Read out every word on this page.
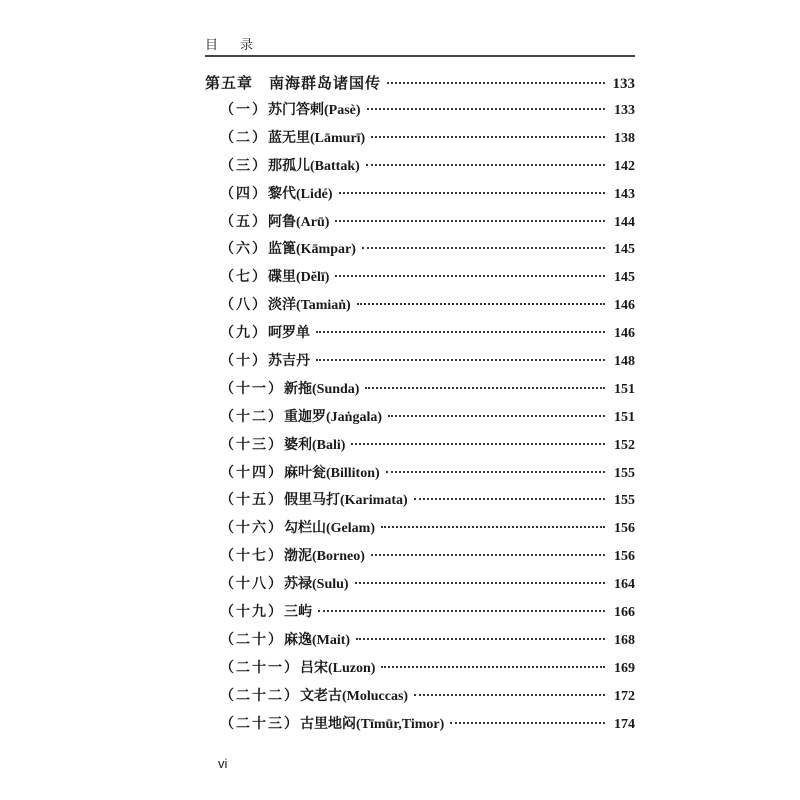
目 录
第五章 南海群岛诸国传	133
（一） 苏门答剌(Pasè)	133
（二） 蓝无里(Lāmurī)	138
（三） 那孤儿(Battak)	142
（四） 黎代(Lidé)	143
（五） 阿鲁(Arū)	144
（六） 监篦(Kāmpar)	145
（七） 碟里(Dĕlī)	145
（八） 淡洋(Tamiaṅ)	146
（九） 呵罗单	146
（十） 苏吉丹	148
（十一） 新拖(Sunda)	151
（十二） 重迦罗(Jaṅgala)	151
（十三） 婆利(Bali)	152
（十四） 麻叶瓮(Billiton)	155
（十五） 假里马打(Karimata)	155
（十六） 勾栏山(Gelam)	156
（十七） 渤泥(Borneo)	156
（十八） 苏禄(Sulu)	164
（十九） 三屿	166
（二十） 麻逸(Mait)	168
（二十一） 吕宋(Luzon)	169
（二十二） 文老古(Moluccas)	172
（二十三） 古里地闷(Tīmūr,Timor)	174
vi
